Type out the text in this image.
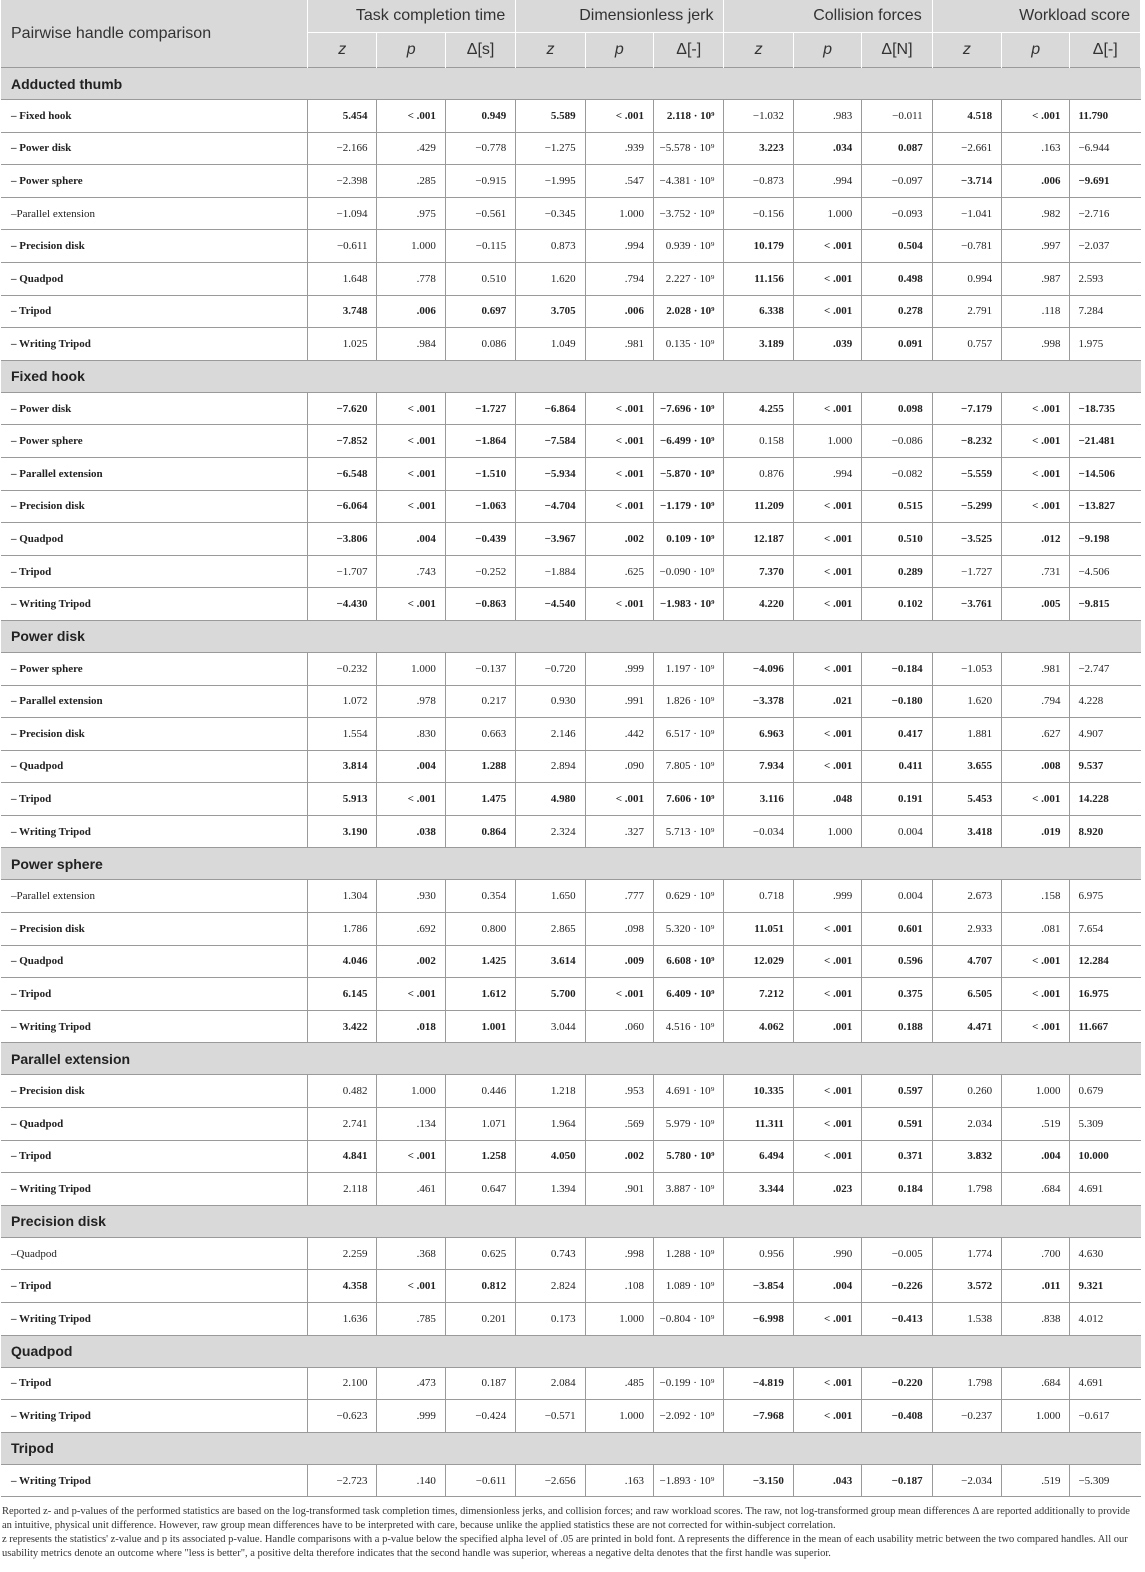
Pairwise handle comparison	Task completion time			Dimensionless jerk			Collision forces			Workload score		
	z	p	Δ[s]	z	p	Δ[-]	z	p	Δ[N]	z	p	Δ[-]
Adducted thumb												
– Fixed hook	5.454	< .001	0.949	5.589	< .001	2.118 · 10⁹	−1.032	.983	−0.011	4.518	< .001	11.790
– Power disk	−2.166	.429	−0.778	−1.275	.939	−5.578 · 10⁹	3.223	.034	0.087	−2.661	.163	−6.944
– Power sphere	−2.398	.285	−0.915	−1.995	.547	−4.381 · 10⁹	−0.873	.994	−0.097	−3.714	.006	−9.691
–Parallel extension	−1.094	.975	−0.561	−0.345	1.000	−3.752 · 10⁹	−0.156	1.000	−0.093	−1.041	.982	−2.716
– Precision disk	−0.611	1.000	−0.115	0.873	.994	0.939 · 10⁹	10.179	< .001	0.504	−0.781	.997	−2.037
– Quadpod	1.648	.778	0.510	1.620	.794	2.227 · 10⁹	11.156	< .001	0.498	0.994	.987	2.593
– Tripod	3.748	.006	0.697	3.705	.006	2.028 · 10⁹	6.338	< .001	0.278	2.791	.118	7.284
– Writing Tripod	1.025	.984	0.086	1.049	.981	0.135 · 10⁹	3.189	.039	0.091	0.757	.998	1.975
Fixed hook												
– Power disk	−7.620	< .001	−1.727	−6.864	< .001	−7.696 · 10⁹	4.255	< .001	0.098	−7.179	< .001	−18.735
– Power sphere	−7.852	< .001	−1.864	−7.584	< .001	−6.499 · 10⁹	0.158	1.000	−0.086	−8.232	< .001	−21.481
– Parallel extension	−6.548	< .001	−1.510	−5.934	< .001	−5.870 · 10⁹	0.876	.994	−0.082	−5.559	< .001	−14.506
– Precision disk	−6.064	< .001	−1.063	−4.704	< .001	−1.179 · 10⁹	11.209	< .001	0.515	−5.299	< .001	−13.827
– Quadpod	−3.806	.004	−0.439	−3.967	.002	0.109 · 10⁹	12.187	< .001	0.510	−3.525	.012	−9.198
– Tripod	−1.707	.743	−0.252	−1.884	.625	−0.090 · 10⁹	7.370	< .001	0.289	−1.727	.731	−4.506
– Writing Tripod	−4.430	< .001	−0.863	−4.540	< .001	−1.983 · 10⁹	4.220	< .001	0.102	−3.761	.005	−9.815
Power disk												
– Power sphere	−0.232	1.000	−0.137	−0.720	.999	1.197 · 10⁹	−4.096	< .001	−0.184	−1.053	.981	−2.747
– Parallel extension	1.072	.978	0.217	0.930	.991	1.826 · 10⁹	−3.378	.021	−0.180	1.620	.794	4.228
– Precision disk	1.554	.830	0.663	2.146	.442	6.517 · 10⁹	6.963	< .001	0.417	1.881	.627	4.907
– Quadpod	3.814	.004	1.288	2.894	.090	7.805 · 10⁹	7.934	< .001	0.411	3.655	.008	9.537
– Tripod	5.913	< .001	1.475	4.980	< .001	7.606 · 10⁹	3.116	.048	0.191	5.453	< .001	14.228
– Writing Tripod	3.190	.038	0.864	2.324	.327	5.713 · 10⁹	−0.034	1.000	0.004	3.418	.019	8.920
Power sphere												
–Parallel extension	1.304	.930	0.354	1.650	.777	0.629 · 10⁹	0.718	.999	0.004	2.673	.158	6.975
– Precision disk	1.786	.692	0.800	2.865	.098	5.320 · 10⁹	11.051	< .001	0.601	2.933	.081	7.654
– Quadpod	4.046	.002	1.425	3.614	.009	6.608 · 10⁹	12.029	< .001	0.596	4.707	< .001	12.284
– Tripod	6.145	< .001	1.612	5.700	< .001	6.409 · 10⁹	7.212	< .001	0.375	6.505	< .001	16.975
– Writing Tripod	3.422	.018	1.001	3.044	.060	4.516 · 10⁹	4.062	.001	0.188	4.471	< .001	11.667
Parallel extension												
– Precision disk	0.482	1.000	0.446	1.218	.953	4.691 · 10⁹	10.335	< .001	0.597	0.260	1.000	0.679
– Quadpod	2.741	.134	1.071	1.964	.569	5.979 · 10⁹	11.311	< .001	0.591	2.034	.519	5.309
– Tripod	4.841	< .001	1.258	4.050	.002	5.780 · 10⁹	6.494	< .001	0.371	3.832	.004	10.000
– Writing Tripod	2.118	.461	0.647	1.394	.901	3.887 · 10⁹	3.344	.023	0.184	1.798	.684	4.691
Precision disk												
–Quadpod	2.259	.368	0.625	0.743	.998	1.288 · 10⁹	0.956	.990	−0.005	1.774	.700	4.630
– Tripod	4.358	< .001	0.812	2.824	.108	1.089 · 10⁹	−3.854	.004	−0.226	3.572	.011	9.321
– Writing Tripod	1.636	.785	0.201	0.173	1.000	−0.804 · 10⁹	−6.998	< .001	−0.413	1.538	.838	4.012
Quadpod												
– Tripod	2.100	.473	0.187	2.084	.485	−0.199 · 10⁹	−4.819	< .001	−0.220	1.798	.684	4.691
– Writing Tripod	−0.623	.999	−0.424	−0.571	1.000	−2.092 · 10⁹	−7.968	< .001	−0.408	−0.237	1.000	−0.617
Tripod												
– Writing Tripod	−2.723	.140	−0.611	−2.656	.163	−1.893 · 10⁹	−3.150	.043	−0.187	−2.034	.519	−5.309

Reported z- and p-values of the performed statistics are based on the log-transformed task completion times, dimensionless jerks, and collision forces; and raw workload scores. The raw, not log-transformed group mean differences Δ are reported additionally to provide an intuitive, physical unit difference. However, raw group mean differences have to be interpreted with care, because unlike the applied statistics these are not corrected for within-subject correlation.

z represents the statistics' z-value and p its associated p-value. Handle comparisons with a p-value below the specified alpha level of .05 are printed in bold font. Δ represents the difference in the mean of each usability metric between the two compared handles. All our usability metrics denote an outcome where "less is better", a positive delta therefore indicates that the second handle was superior, whereas a negative delta denotes that the first handle was superior.
